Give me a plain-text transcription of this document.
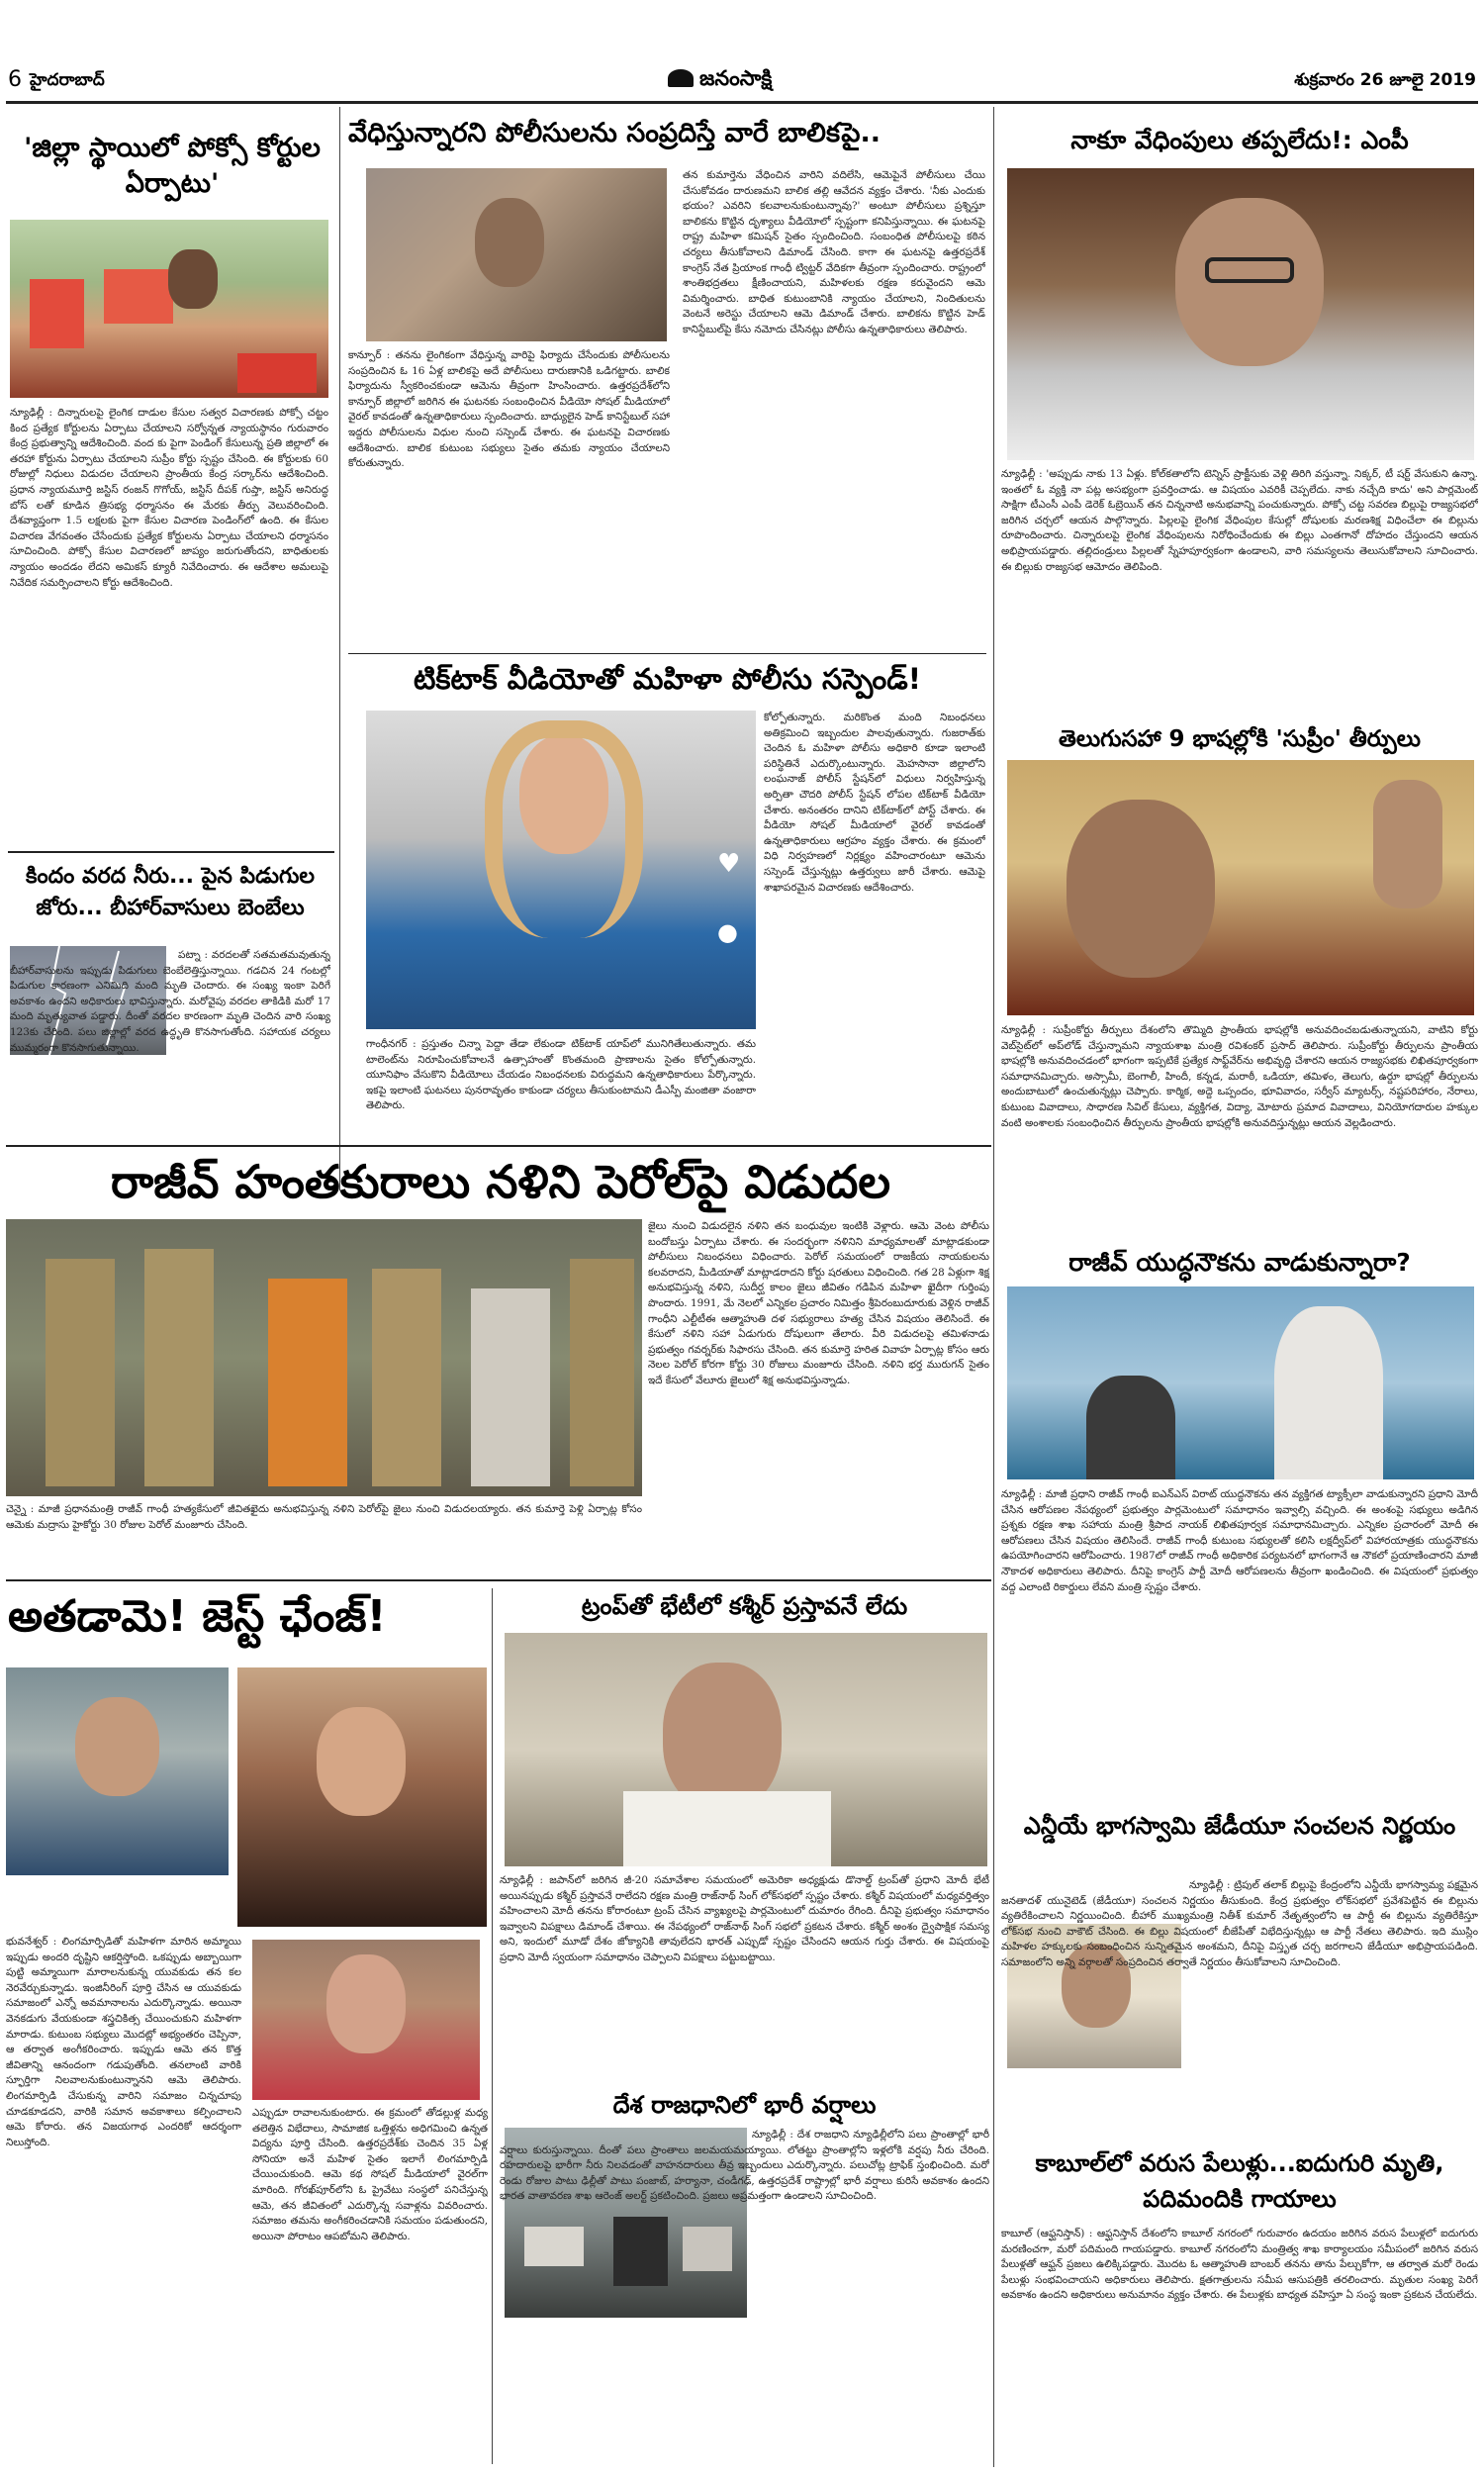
6 హైదరాబాద్	జనంసాక్షి	శుక్రవారం 26 జూలై 2019
'జిల్లా స్థాయిలో పోక్సో కోర్టుల ఏర్పాటు'
న్యూఢిల్లీ : దిన్నారులపై లైంగిక దాడుల కేసుల సత్వర విచారణకు పోక్సో చట్టం కింద ప్రత్యేక కోర్టులను ఏర్పాటు చేయాలని సర్వోన్నత న్యాయస్థానం గురువారం కేంద్ర ప్రభుత్వాన్ని ఆదేశించింది. వంద కు పైగా పెండింగ్ కేసులున్న ప్రతి జిల్లాలో ఈ తరహా కోర్టును ఏర్పాటు చేయాలని సుప్రీం కోర్టు స్పష్టం చేసింది. ఈ కోర్టులకు 60 రోజుల్లో నిధులు విడుదల చేయాలని ప్రాంతీయ కేంద్ర సర్కార్‌ను ఆదేశించింది. ప్రధాన న్యాయమూర్తి జస్టిస్ రంజన్ గొగోయ్, జస్టిస్ దీపక్ గుప్తా, జస్టిస్ అనిరుద్ధ బోస్ లతో కూడిన త్రిసభ్య ధర్మాసనం ఈ మేరకు తీర్పు వెలువరించింది. దేశవ్యాప్తంగా 1.5 లక్షలకు పైగా కేసుల విచారణ పెండింగ్‌లో ఉంది. ఈ కేసుల విచారణ వేగవంతం చేసేందుకు ప్రత్యేక కోర్టులను ఏర్పాటు చేయాలని ధర్మాసనం సూచించింది. పోక్సో కేసుల విచారణలో జాప్యం జరుగుతోందని, బాధితులకు న్యాయం అందడం లేదని అమికస్ క్యూరీ నివేదించారు. ఈ ఆదేశాల అమలుపై నివేదిక సమర్పించాలని కోర్టు ఆదేశించింది.
కిందం వరద నీరు... పైన పిడుగుల జోరు... బీహార్‌వాసులు బెంబేలు
పట్నా : వరదలతో సతమతమవుతున్న బీహార్‌వాసులను ఇప్పుడు పిడుగులు బెంబేలెత్తిస్తున్నాయి. గడచిన 24 గంటల్లో పిడుగుల కారణంగా ఎనిమిది మంది మృతి చెందారు. ఈ సంఖ్య ఇంకా పెరిగే అవకాశం ఉందని అధికారులు భావిస్తున్నారు. మరోవైపు వరదల తాకిడికి మరో 17 మంది మృత్యువాత పడ్డారు. దీంతో వరదల కారణంగా మృతి చెందిన వారి సంఖ్య 123కు చేరింది. పలు జిల్లాల్లో వరద ఉద్ధృతి కొనసాగుతోంది. సహాయక చర్యలు ముమ్మరంగా కొనసాగుతున్నాయి.
వేధిస్తున్నారని పోలీసులను సంప్రదిస్తే వారే బాలికపై..
కాన్పూర్ : తనను లైంగికంగా వేధిస్తున్న వారిపై ఫిర్యాదు చేసేందుకు పోలీసులను సంప్రదించిన ఓ 16 ఏళ్ల బాలికపై అదే పోలీసులు దారుణానికి ఒడిగట్టారు. బాలిక ఫిర్యాదును స్వీకరించకుండా ఆమెను తీవ్రంగా హింసించారు. ఉత్తరప్రదేశ్‌లోని కాన్పూర్ జిల్లాలో జరిగిన ఈ ఘటనకు సంబంధించిన వీడియో సోషల్ మీడియాలో వైరల్ కావడంతో ఉన్నతాధికారులు స్పందించారు. బాధ్యులైన హెడ్ కానిస్టేబుల్ సహా ఇద్దరు పోలీసులను విధుల నుంచి సస్పెండ్ చేశారు. ఈ ఘటనపై విచారణకు ఆదేశించారు. బాలిక కుటుంబ సభ్యులు సైతం తమకు న్యాయం చేయాలని కోరుతున్నారు.
తన కుమార్తెను వేధించిన వారిని వదిలేసి, ఆమెపైనే పోలీసులు చేయి చేసుకోవడం దారుణమని బాలిక తల్లి ఆవేదన వ్యక్తం చేశారు. 'నీకు ఎందుకు భయం? ఎవరిని కలవాలనుకుంటున్నావు?' అంటూ పోలీసులు ప్రశ్నిస్తూ బాలికను కొట్టిన దృశ్యాలు వీడియోలో స్పష్టంగా కనిపిస్తున్నాయి. ఈ ఘటనపై రాష్ట్ర మహిళా కమిషన్ సైతం స్పందించింది. సంబంధిత పోలీసులపై కఠిన చర్యలు తీసుకోవాలని డిమాండ్ చేసింది. కాగా ఈ ఘటనపై ఉత్తరప్రదేశ్ కాంగ్రెస్ నేత ప్రియాంక గాంధీ ట్విట్టర్ వేదికగా తీవ్రంగా స్పందించారు. రాష్ట్రంలో శాంతిభద్రతలు క్షీణించాయని, మహిళలకు రక్షణ కరువైందని ఆమె విమర్శించారు. బాధిత కుటుంబానికి న్యాయం చేయాలని, నిందితులను వెంటనే అరెస్టు చేయాలని ఆమె డిమాండ్ చేశారు. బాలికను కొట్టిన హెడ్ కానిస్టేబుల్‌పై కేసు నమోదు చేసినట్లు పోలీసు ఉన్నతాధికారులు తెలిపారు.
టిక్‌టాక్ వీడియోతో మహిళా పోలీసు సస్పెండ్!
♥
●
కోల్పోతున్నారు. మరికొంత మంది నిబంధనలు అతిక్రమించి ఇబ్బందుల పాలవుతున్నారు. గుజరాత్‌కు చెందిన ఓ మహిళా పోలీసు అధికారి కూడా ఇలాంటి పరిస్థితినే ఎదుర్కొంటున్నారు. మెహసానా జిల్లాలోని లంఘనాజ్ పోలీస్ స్టేషన్‌లో విధులు నిర్వహిస్తున్న అర్పితా చౌదరి పోలీస్ స్టేషన్ లోపల టిక్‌టాక్ వీడియో చేశారు. అనంతరం దానిని టిక్‌టాక్‌లో పోస్ట్ చేశారు. ఈ వీడియో సోషల్ మీడియాలో వైరల్ కావడంతో ఉన్నతాధికారులు ఆగ్రహం వ్యక్తం చేశారు. ఈ క్రమంలో విధి నిర్వహణలో నిర్లక్ష్యం వహించారంటూ ఆమెను సస్పెండ్ చేస్తున్నట్లు ఉత్తర్వులు జారీ చేశారు. ఆమెపై శాఖాపరమైన విచారణకు ఆదేశించారు.
గాంధీనగర్ : ప్రస్తుతం చిన్నా పెద్దా తేడా లేకుండా టిక్‌టాక్ యాప్‌లో మునిగితేలుతున్నారు. తమ టాలెంట్‌ను నిరూపించుకోవాలనే ఉత్సాహంతో కొంతమంది ప్రాణాలను సైతం కోల్పోతున్నారు. యూనిఫాం వేసుకొని వీడియోలు చేయడం నిబంధనలకు విరుద్ధమని ఉన్నతాధికారులు పేర్కొన్నారు. ఇకపై ఇలాంటి ఘటనలు పునరావృతం కాకుండా చర్యలు తీసుకుంటామని డీఎస్పీ మంజితా వంజారా తెలిపారు.
నాకూ వేధింపులు తప్పలేదు!: ఎంపీ
న్యూఢిల్లీ : 'అప్పుడు నాకు 13 ఏళ్లు. కోల్‌కతాలోని టెన్నిస్ ప్రాక్టీసుకు వెళ్లి తిరిగి వస్తున్నా. నిక్కర్, టీ షర్ట్ వేసుకుని ఉన్నా. ఇంతలో ఓ వ్యక్తి నా పట్ల అసభ్యంగా ప్రవర్తించాడు. ఆ విషయం ఎవరికీ చెప్పలేదు. నాకు నచ్చేది కాదు' అని పార్లమెంట్ సాక్షిగా టీఎంసీ ఎంపీ డెరెక్ ఓబ్రెయిన్ తన చిన్ననాటి అనుభవాన్ని పంచుకున్నారు. పోక్సో చట్ట సవరణ బిల్లుపై రాజ్యసభలో జరిగిన చర్చలో ఆయన పాల్గొన్నారు. పిల్లలపై లైంగిక వేధింపుల కేసుల్లో దోషులకు మరణశిక్ష విధించేలా ఈ బిల్లును రూపొందించారు. చిన్నారులపై లైంగిక వేధింపులను నిరోధించేందుకు ఈ బిల్లు ఎంతగానో దోహదం చేస్తుందని ఆయన అభిప్రాయపడ్డారు. తల్లిదండ్రులు పిల్లలతో స్నేహపూర్వకంగా ఉండాలని, వారి సమస్యలను తెలుసుకోవాలని సూచించారు. ఈ బిల్లుకు రాజ్యసభ ఆమోదం తెలిపింది.
తెలుగుసహా 9 భాషల్లోకి 'సుప్రీం' తీర్పులు
న్యూఢిల్లీ : సుప్రీంకోర్టు తీర్పులు దేశంలోని తొమ్మిది ప్రాంతీయ భాషల్లోకి అనువదించబడుతున్నాయని, వాటిని కోర్టు వెబ్‌సైట్‌లో అప్‌లోడ్ చేస్తున్నామని న్యాయశాఖ మంత్రి రవిశంకర్ ప్రసాద్ తెలిపారు. సుప్రీంకోర్టు తీర్పులను ప్రాంతీయ భాషల్లోకి అనువదించడంలో భాగంగా ఇప్పటికే ప్రత్యేక సాఫ్ట్‌వేర్‌ను అభివృద్ధి చేశారని ఆయన రాజ్యసభకు లిఖితపూర్వకంగా సమాధానమిచ్చారు. అస్సామీ, బెంగాలీ, హిందీ, కన్నడ, మరాఠీ, ఒడియా, తమిళం, తెలుగు, ఉర్దూ భాషల్లో తీర్పులను అందుబాటులో ఉంచుతున్నట్లు చెప్పారు. కార్మిక, అద్దె ఒప్పందం, భూవివాదం, సర్వీస్ మ్యాటర్స్, నష్టపరిహారం, నేరాలు, కుటుంబ వివాదాలు, సాధారణ సివిల్ కేసులు, వ్యక్తిగత, విద్యా, మోటారు ప్రమాద వివాదాలు, వినియోగదారుల హక్కుల వంటి అంశాలకు సంబంధించిన తీర్పులను ప్రాంతీయ భాషల్లోకి అనువదిస్తున్నట్లు ఆయన వెల్లడించారు.
రాజీవ్ హంతకురాలు నళిని పెరోల్‌పై విడుదల
జైలు నుంచి విడుదలైన నళిని తన బంధువుల ఇంటికి వెళ్లారు. ఆమె వెంట పోలీసు బందోబస్తు ఏర్పాటు చేశారు. ఈ సందర్భంగా నళినిని మాధ్యమాలతో మాట్లాడకుండా పోలీసులు నిబంధనలు విధించారు. పెరోల్ సమయంలో రాజకీయ నాయకులను కలవరాదని, మీడియాతో మాట్లాడరాదని కోర్టు షరతులు విధించింది. గత 28 ఏళ్లుగా శిక్ష అనుభవిస్తున్న నళిని, సుదీర్ఘ కాలం జైలు జీవితం గడిపిన మహిళా ఖైదీగా గుర్తింపు పొందారు. 1991, మే నెలలో ఎన్నికల ప్రచారం నిమిత్తం శ్రీపెరంబుదూరుకు వెళ్లిన రాజీవ్ గాంధీని ఎల్టీటీఈ ఆత్మాహుతి దళ సభ్యురాలు హత్య చేసిన విషయం తెలిసిందే. ఈ కేసులో నళిని సహా ఏడుగురు దోషులుగా తేలారు. వీరి విడుదలపై తమిళనాడు ప్రభుత్వం గవర్నర్‌కు సిఫారసు చేసింది. తన కుమార్తె హరిత వివాహ ఏర్పాట్ల కోసం ఆరు నెలల పెరోల్ కోరగా కోర్టు 30 రోజులు మంజూరు చేసింది. నళిని భర్త మురుగన్ సైతం ఇదే కేసులో వేలూరు జైలులో శిక్ష అనుభవిస్తున్నాడు.
చెన్నై : మాజీ ప్రధానమంత్రి రాజీవ్ గాంధీ హత్యకేసులో జీవితఖైదు అనుభవిస్తున్న నళిని పెరోల్‌పై జైలు నుంచి విడుదలయ్యారు. తన కుమార్తె పెళ్లి ఏర్పాట్ల కోసం ఆమెకు మద్రాసు హైకోర్టు 30 రోజుల పెరోల్ మంజూరు చేసింది.
రాజీవ్ యుద్ధనౌకను వాడుకున్నారా?
న్యూఢిల్లీ : మాజీ ప్రధాని రాజీవ్ గాంధీ ఐఎన్‌ఎస్ విరాట్ యుద్ధనౌకను తన వ్యక్తిగత ట్యాక్సీలా వాడుకున్నారని ప్రధాని మోదీ చేసిన ఆరోపణల నేపథ్యంలో ప్రభుత్వం పార్లమెంటులో సమాధానం ఇవ్వాల్సి వచ్చింది. ఈ అంశంపై సభ్యులు అడిగిన ప్రశ్నకు రక్షణ శాఖ సహాయ మంత్రి శ్రీపాద నాయక్ లిఖితపూర్వక సమాధానమిచ్చారు. ఎన్నికల ప్రచారంలో మోదీ ఈ ఆరోపణలు చేసిన విషయం తెలిసిందే. రాజీవ్ గాంధీ కుటుంబ సభ్యులతో కలిసి లక్షద్వీప్‌లో విహారయాత్రకు యుద్ధనౌకను ఉపయోగించారని ఆరోపించారు. 1987లో రాజీవ్ గాంధీ అధికారిక పర్యటనలో భాగంగానే ఆ నౌకలో ప్రయాణించారని మాజీ నౌకాదళ అధికారులు తెలిపారు. దీనిపై కాంగ్రెస్ పార్టీ మోదీ ఆరోపణలను తీవ్రంగా ఖండించింది. ఈ విషయంలో ప్రభుత్వం వద్ద ఎలాంటి రికార్డులు లేవని మంత్రి స్పష్టం చేశారు.
ఎన్డీయే భాగస్వామి జేడీయూ సంచలన నిర్ణయం
న్యూఢిల్లీ : ట్రిపుల్ తలాక్ బిల్లుపై కేంద్రంలోని ఎన్డీయే భాగస్వామ్య పక్షమైన జనతాదళ్ యునైటెడ్ (జేడీయూ) సంచలన నిర్ణయం తీసుకుంది. కేంద్ర ప్రభుత్వం లోక్‌సభలో ప్రవేశపెట్టిన ఈ బిల్లును వ్యతిరేకించాలని నిర్ణయించింది. బీహార్ ముఖ్యమంత్రి నితీశ్ కుమార్ నేతృత్వంలోని ఆ పార్టీ ఈ బిల్లును వ్యతిరేకిస్తూ లోక్‌సభ నుంచి వాకౌట్ చేసింది. ఈ బిల్లు విషయంలో బీజేపీతో విభేదిస్తున్నట్లు ఆ పార్టీ నేతలు తెలిపారు. ఇది ముస్లిం మహిళల హక్కులకు సంబంధించిన సున్నితమైన అంశమని, దీనిపై విస్తృత చర్చ జరగాలని జేడీయూ అభిప్రాయపడింది. సమాజంలోని అన్ని వర్గాలతో సంప్రదించిన తర్వాతే నిర్ణయం తీసుకోవాలని సూచించింది.
కాబూల్‌లో వరుస పేలుళ్లు...ఐదుగురి మృతి, పదిమందికి గాయాలు
కాబూల్ (ఆఫ్ఘనిస్తాన్) : ఆఫ్ఘనిస్తాన్ దేశంలోని కాబూల్ నగరంలో గురువారం ఉదయం జరిగిన వరుస పేలుళ్లలో ఐదుగురు మరణించగా, మరో పదిమంది గాయపడ్డారు. కాబూల్ నగరంలోని మంత్రిత్వ శాఖ కార్యాలయం సమీపంలో జరిగిన వరుస పేలుళ్లతో ఆఫ్ఘన్ ప్రజలు ఉలిక్కిపడ్డారు. మొదట ఓ ఆత్మాహుతి బాంబర్ తనను తాను పేల్చుకోగా, ఆ తర్వాత మరో రెండు పేలుళ్లు సంభవించాయని అధికారులు తెలిపారు. క్షతగాత్రులను సమీప ఆసుపత్రికి తరలించారు. మృతుల సంఖ్య పెరిగే అవకాశం ఉందని అధికారులు అనుమానం వ్యక్తం చేశారు. ఈ పేలుళ్లకు బాధ్యత వహిస్తూ ఏ సంస్థ ఇంకా ప్రకటన చేయలేదు.
అతడామె! జెస్ట్ ఛేంజ్!
భువనేశ్వర్ : లింగమార్పిడితో మహిళగా మారిన అమ్మాయి ఇప్పుడు అందరి దృష్టిని ఆకర్షిస్తోంది. ఒకప్పుడు అబ్బాయిగా పుట్టి అమ్మాయిగా మారాలనుకున్న యువకుడు తన కల నెరవేర్చుకున్నాడు. ఇంజినీరింగ్ పూర్తి చేసిన ఆ యువకుడు సమాజంలో ఎన్నో అవమానాలను ఎదుర్కొన్నాడు. అయినా వెనకడుగు వేయకుండా శస్త్రచికిత్స చేయించుకుని మహిళగా మారాడు. కుటుంబ సభ్యులు మొదట్లో అభ్యంతరం చెప్పినా, ఆ తర్వాత అంగీకరించారు. ఇప్పుడు ఆమె తన కొత్త జీవితాన్ని ఆనందంగా గడుపుతోంది. తనలాంటి వారికి స్ఫూర్తిగా నిలవాలనుకుంటున్నానని ఆమె తెలిపారు. లింగమార్పిడి చేసుకున్న వారిని సమాజం చిన్నచూపు చూడకూడదని, వారికి సమాన అవకాశాలు కల్పించాలని ఆమె కోరారు. తన విజయగాథ ఎందరికో ఆదర్శంగా నిలుస్తోంది.
ఎప్పుడూ రావాలనుకుంటారు. ఈ క్రమంలో తోడల్లుళ్ల మధ్య తలెత్తిన విభేదాలు, సామాజిక ఒత్తిళ్లను అధిగమించి ఉన్నత విద్యను పూర్తి చేసింది. ఉత్తరప్రదేశ్‌కు చెందిన 35 ఏళ్ల సోనియా అనే మహిళ సైతం ఇలాగే లింగమార్పిడి చేయించుకుంది. ఆమె కథ సోషల్ మీడియాలో వైరల్‌గా మారింది. గోరఖ్‌పూర్‌లోని ఓ ప్రైవేటు సంస్థలో పనిచేస్తున్న ఆమె, తన జీవితంలో ఎదుర్కొన్న సవాళ్లను వివరించారు. సమాజం తమను అంగీకరించడానికి సమయం పడుతుందని, అయినా పోరాటం ఆపబోమని తెలిపారు.
ట్రంప్‌తో భేటీలో కశ్మీర్ ప్రస్తావనే లేదు
న్యూఢిల్లీ : జపాన్‌లో జరిగిన జీ-20 సమావేశాల సమయంలో అమెరికా అధ్యక్షుడు డొనాల్డ్ ట్రంప్‌తో ప్రధాని మోదీ భేటీ అయినప్పుడు కశ్మీర్ ప్రస్తావనే రాలేదని రక్షణ మంత్రి రాజ్‌నాథ్ సింగ్ లోక్‌సభలో స్పష్టం చేశారు. కశ్మీర్ విషయంలో మధ్యవర్తిత్వం వహించాలని మోదీ తనను కోరారంటూ ట్రంప్ చేసిన వ్యాఖ్యలపై పార్లమెంటులో దుమారం రేగింది. దీనిపై ప్రభుత్వం సమాధానం ఇవ్వాలని విపక్షాలు డిమాండ్ చేశాయి. ఈ నేపథ్యంలో రాజ్‌నాథ్ సింగ్ సభలో ప్రకటన చేశారు. కశ్మీర్ అంశం ద్వైపాక్షిక సమస్య అని, ఇందులో మూడో దేశం జోక్యానికి తావులేదని భారత్ ఎప్పుడో స్పష్టం చేసిందని ఆయన గుర్తు చేశారు. ఈ విషయంపై ప్రధాని మోదీ స్వయంగా సమాధానం చెప్పాలని విపక్షాలు పట్టుబట్టాయి.
దేశ రాజధానిలో భారీ వర్షాలు
న్యూఢిల్లీ : దేశ రాజధాని న్యూఢిల్లీలోని పలు ప్రాంతాల్లో భారీ వర్షాలు కురుస్తున్నాయి. దీంతో పలు ప్రాంతాలు జలమయమయ్యాయి. లోతట్టు ప్రాంతాల్లోని ఇళ్లలోకి వర్షపు నీరు చేరింది. రహదారులపై భారీగా నీరు నిలవడంతో వాహనదారులు తీవ్ర ఇబ్బందులు ఎదుర్కొన్నారు. పలుచోట్ల ట్రాఫిక్ స్తంభించింది. మరో రెండు రోజుల పాటు ఢిల్లీతో పాటు పంజాబ్, హర్యానా, చండీగఢ్, ఉత్తరప్రదేశ్ రాష్ట్రాల్లో భారీ వర్షాలు కురిసే అవకాశం ఉందని భారత వాతావరణ శాఖ ఆరెంజ్ అలర్ట్ ప్రకటించింది. ప్రజలు అప్రమత్తంగా ఉండాలని సూచించింది.
